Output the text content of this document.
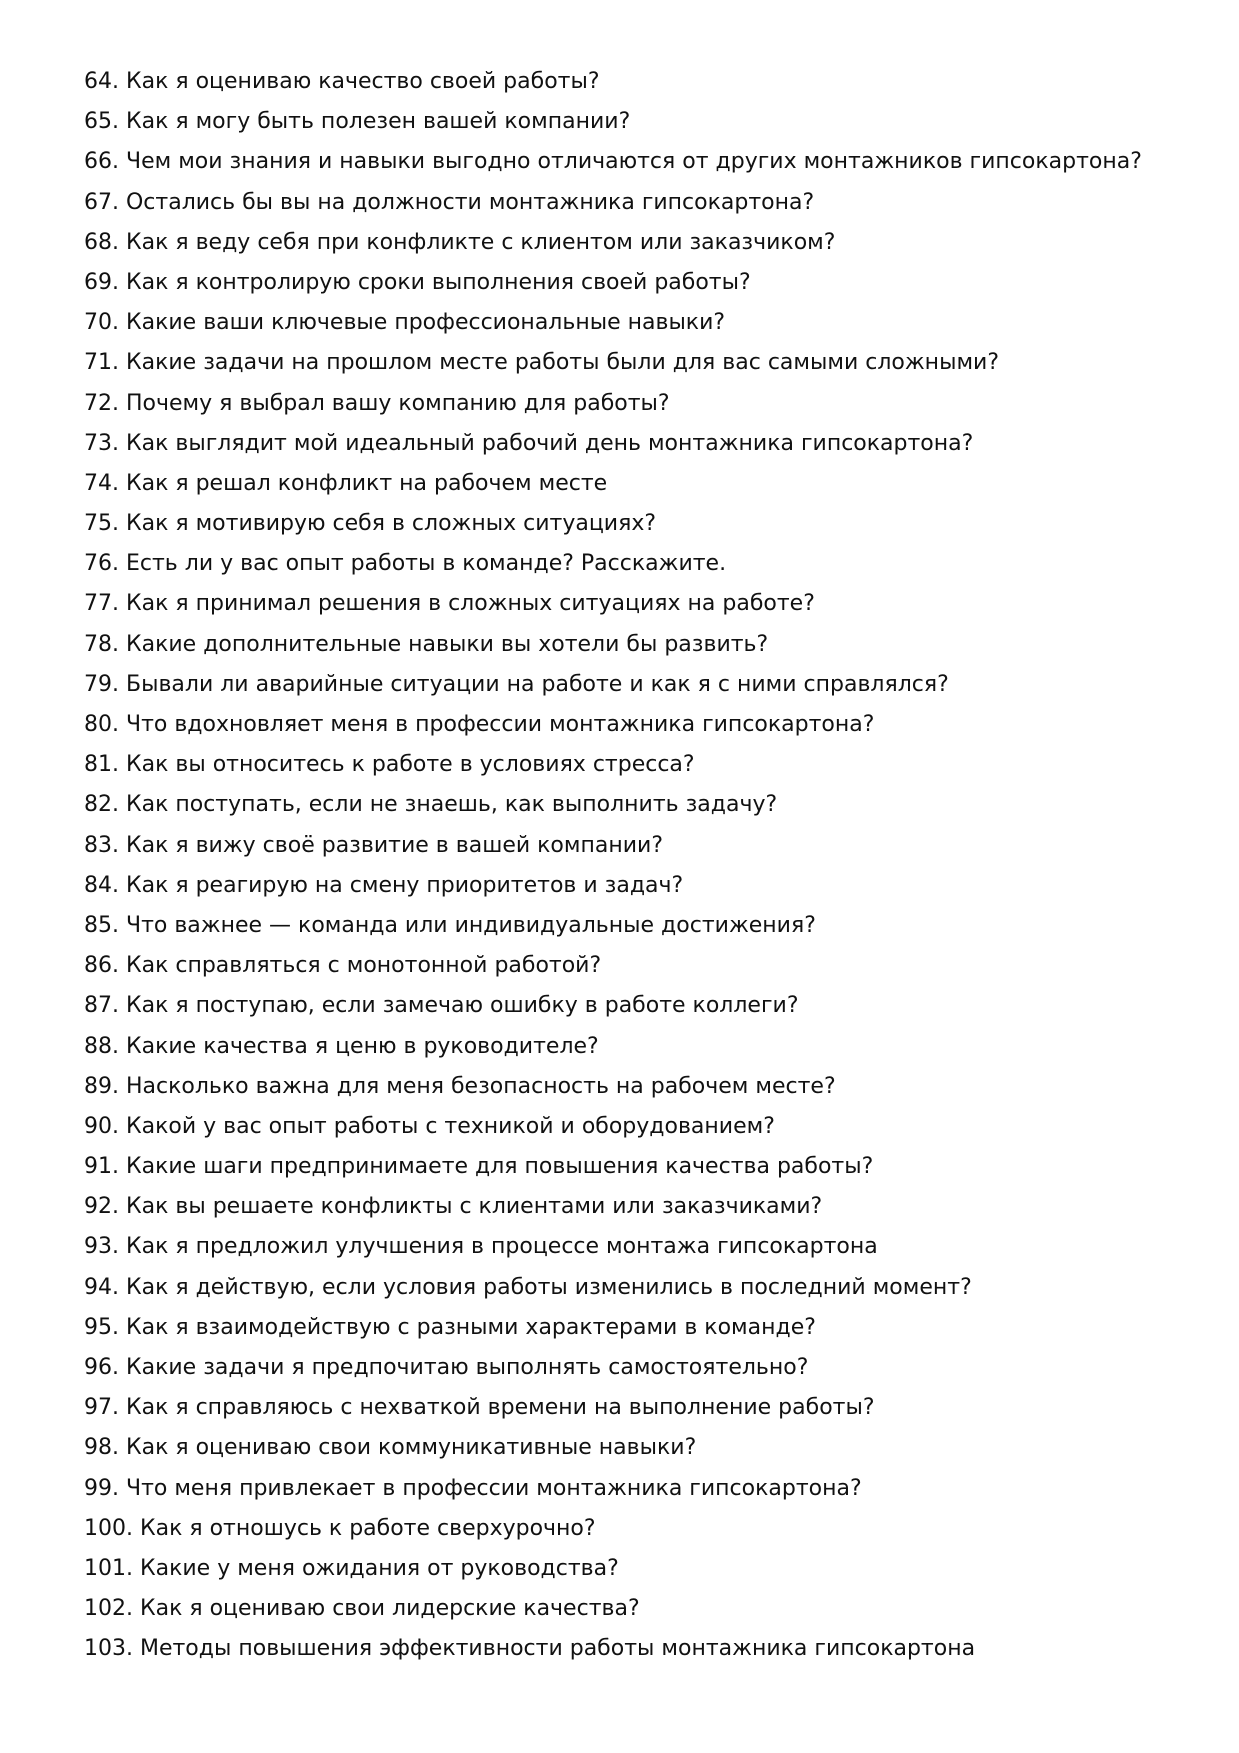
64. Как я оцениваю качество своей работы?
65. Как я могу быть полезен вашей компании?
66. Чем мои знания и навыки выгодно отличаются от других монтажников гипсокартона?
67. Остались бы вы на должности монтажника гипсокартона?
68. Как я веду себя при конфликте с клиентом или заказчиком?
69. Как я контролирую сроки выполнения своей работы?
70. Какие ваши ключевые профессиональные навыки?
71. Какие задачи на прошлом месте работы были для вас самыми сложными?
72. Почему я выбрал вашу компанию для работы?
73. Как выглядит мой идеальный рабочий день монтажника гипсокартона?
74. Как я решал конфликт на рабочем месте
75. Как я мотивирую себя в сложных ситуациях?
76. Есть ли у вас опыт работы в команде? Расскажите.
77. Как я принимал решения в сложных ситуациях на работе?
78. Какие дополнительные навыки вы хотели бы развить?
79. Бывали ли аварийные ситуации на работе и как я с ними справлялся?
80. Что вдохновляет меня в профессии монтажника гипсокартона?
81. Как вы относитесь к работе в условиях стресса?
82. Как поступать, если не знаешь, как выполнить задачу?
83. Как я вижу своё развитие в вашей компании?
84. Как я реагирую на смену приоритетов и задач?
85. Что важнее — команда или индивидуальные достижения?
86. Как справляться с монотонной работой?
87. Как я поступаю, если замечаю ошибку в работе коллеги?
88. Какие качества я ценю в руководителе?
89. Насколько важна для меня безопасность на рабочем месте?
90. Какой у вас опыт работы с техникой и оборудованием?
91. Какие шаги предпринимаете для повышения качества работы?
92. Как вы решаете конфликты с клиентами или заказчиками?
93. Как я предложил улучшения в процессе монтажа гипсокартона
94. Как я действую, если условия работы изменились в последний момент?
95. Как я взаимодействую с разными характерами в команде?
96. Какие задачи я предпочитаю выполнять самостоятельно?
97. Как я справляюсь с нехваткой времени на выполнение работы?
98. Как я оцениваю свои коммуникативные навыки?
99. Что меня привлекает в профессии монтажника гипсокартона?
100. Как я отношусь к работе сверхурочно?
101. Какие у меня ожидания от руководства?
102. Как я оцениваю свои лидерские качества?
103. Методы повышения эффективности работы монтажника гипсокартона
